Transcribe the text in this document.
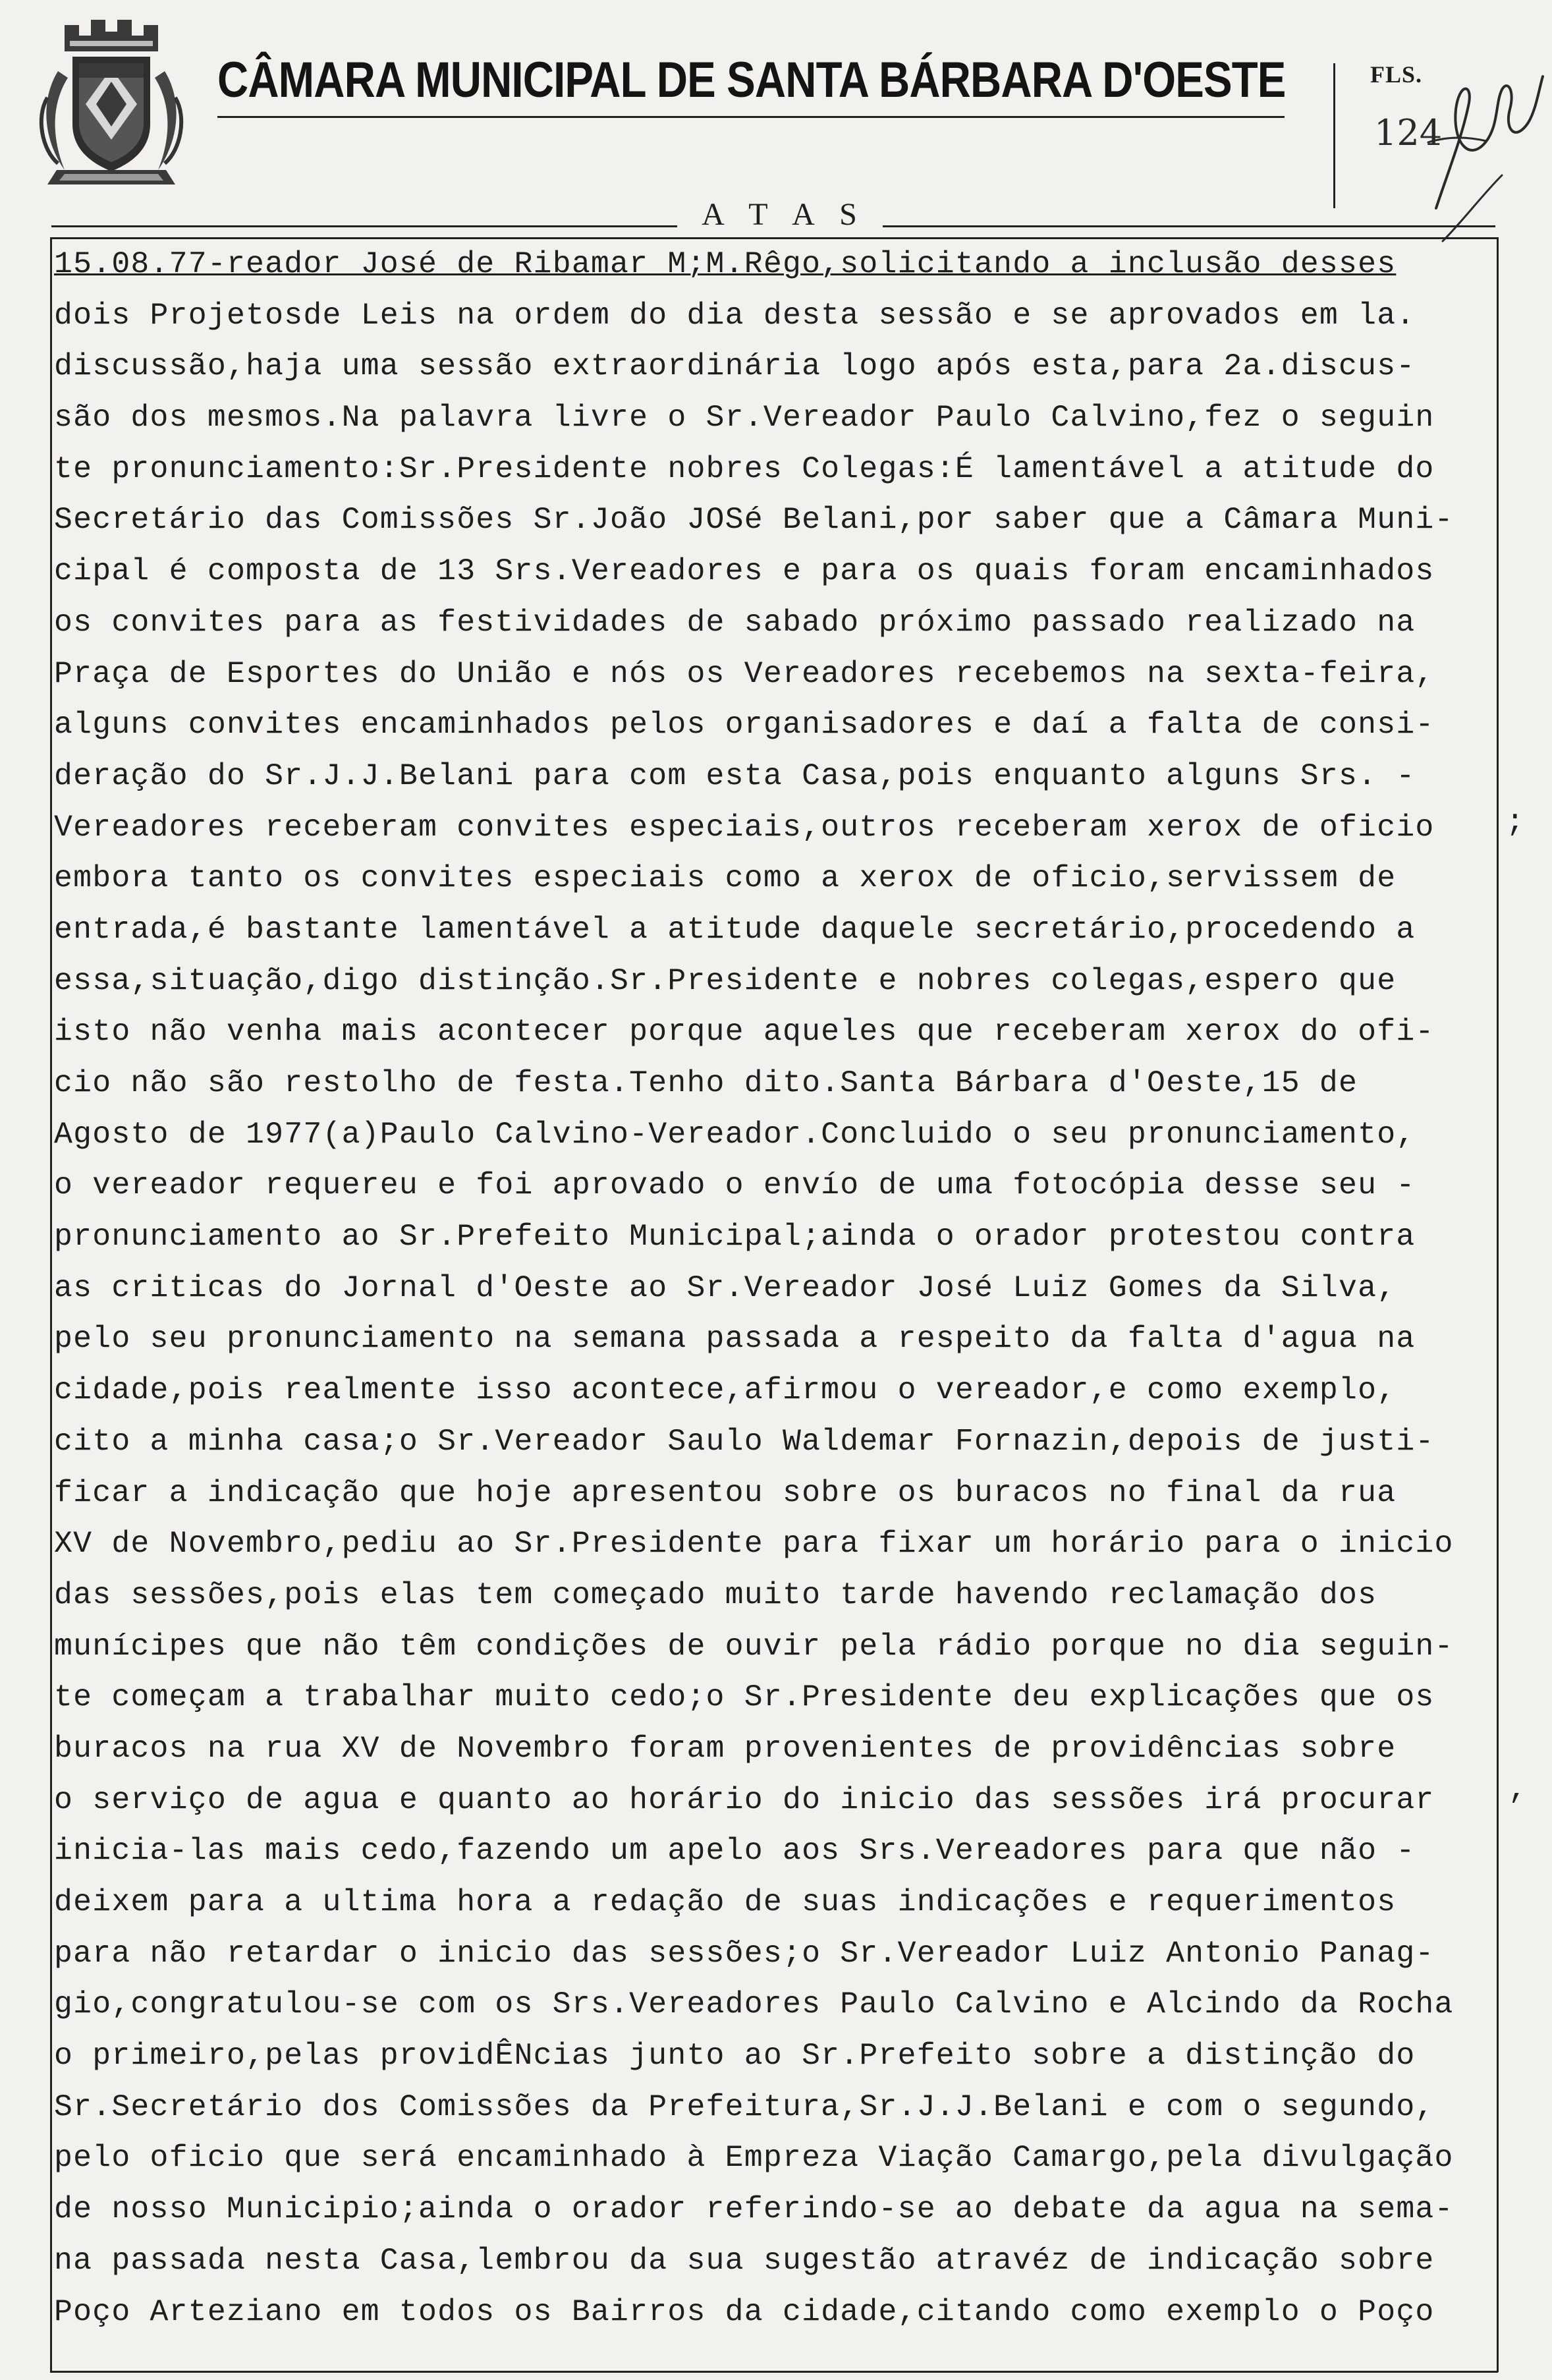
CÂMARA MUNICIPAL DE SANTA BÁRBARA D'OESTE	FLS.
124
A T A S
15.08.77-reador José de Ribamar M;M.Rêgo,solicitando a inclusão desses
dois Projetosde Leis na ordem do dia desta sessão e se aprovados em la.
discussão,haja uma sessão extraordinária logo após esta,para 2a.discus-
são dos mesmos.Na palavra livre o Sr.Vereador Paulo Calvino,fez o seguin
te pronunciamento:Sr.Presidente nobres Colegas:É lamentável a atitude do
Secretário das Comissões Sr.João JOSé Belani,por saber que a Câmara Muni-
cipal é composta de 13 Srs.Vereadores e para os quais foram encaminhados
os convites para as festividades de sabado próximo passado realizado na
Praça de Esportes do União e nós os Vereadores recebemos na sexta-feira,
alguns convites encaminhados pelos organisadores e daí a falta de consi-
deração do Sr.J.J.Belani para com esta Casa,pois enquanto alguns Srs. -
Vereadores receberam convites especiais,outros receberam xerox de oficio
embora tanto os convites especiais como a xerox de oficio,servissem de
entrada,é bastante lamentável a atitude daquele secretário,procedendo a
essa,situação,digo distinção.Sr.Presidente e nobres colegas,espero que
isto não venha mais acontecer porque aqueles que receberam xerox do ofi-
cio não são restolho de festa.Tenho dito.Santa Bárbara d'Oeste,15 de
Agosto de 1977(a)Paulo Calvino-Vereador.Concluido o seu pronunciamento,
o vereador requereu e foi aprovado o envío de uma fotocópia desse seu -
pronunciamento ao Sr.Prefeito Municipal;ainda o orador protestou contra
as criticas do Jornal d'Oeste ao Sr.Vereador José Luiz Gomes da Silva,
pelo seu pronunciamento na semana passada a respeito da falta d'agua na
cidade,pois realmente isso acontece,afirmou o vereador,e como exemplo,
cito a minha casa;o Sr.Vereador Saulo Waldemar Fornazin,depois de justi-
ficar a indicação que hoje apresentou sobre os buracos no final da rua
XV de Novembro,pediu ao Sr.Presidente para fixar um horário para o inicio
das sessões,pois elas tem começado muito tarde havendo reclamação dos
munícipes que não têm condições de ouvir pela rádio porque no dia seguin-
te começam a trabalhar muito cedo;o Sr.Presidente deu explicações que os
buracos na rua XV de Novembro foram provenientes de providências sobre
o serviço de agua e quanto ao horário do inicio das sessões irá procurar
inicia-las mais cedo,fazendo um apelo aos Srs.Vereadores para que não -
deixem para a ultima hora a redação de suas indicações e requerimentos
para não retardar o inicio das sessões;o Sr.Vereador Luiz Antonio Panag-
gio,congratulou-se com os Srs.Vereadores Paulo Calvino e Alcindo da Rocha
o primeiro,pelas providÊNcias junto ao Sr.Prefeito sobre a distinção do
Sr.Secretário dos Comissões da Prefeitura,Sr.J.J.Belani e com o segundo,
pelo oficio que será encaminhado à Empreza Viação Camargo,pela divulgação
de nosso Municipio;ainda o orador referindo-se ao debate da agua na sema-
na passada nesta Casa,lembrou da sua sugestão atravéz de indicação sobre
Poço Arteziano em todos os Bairros da cidade,citando como exemplo o Poço
;
,
